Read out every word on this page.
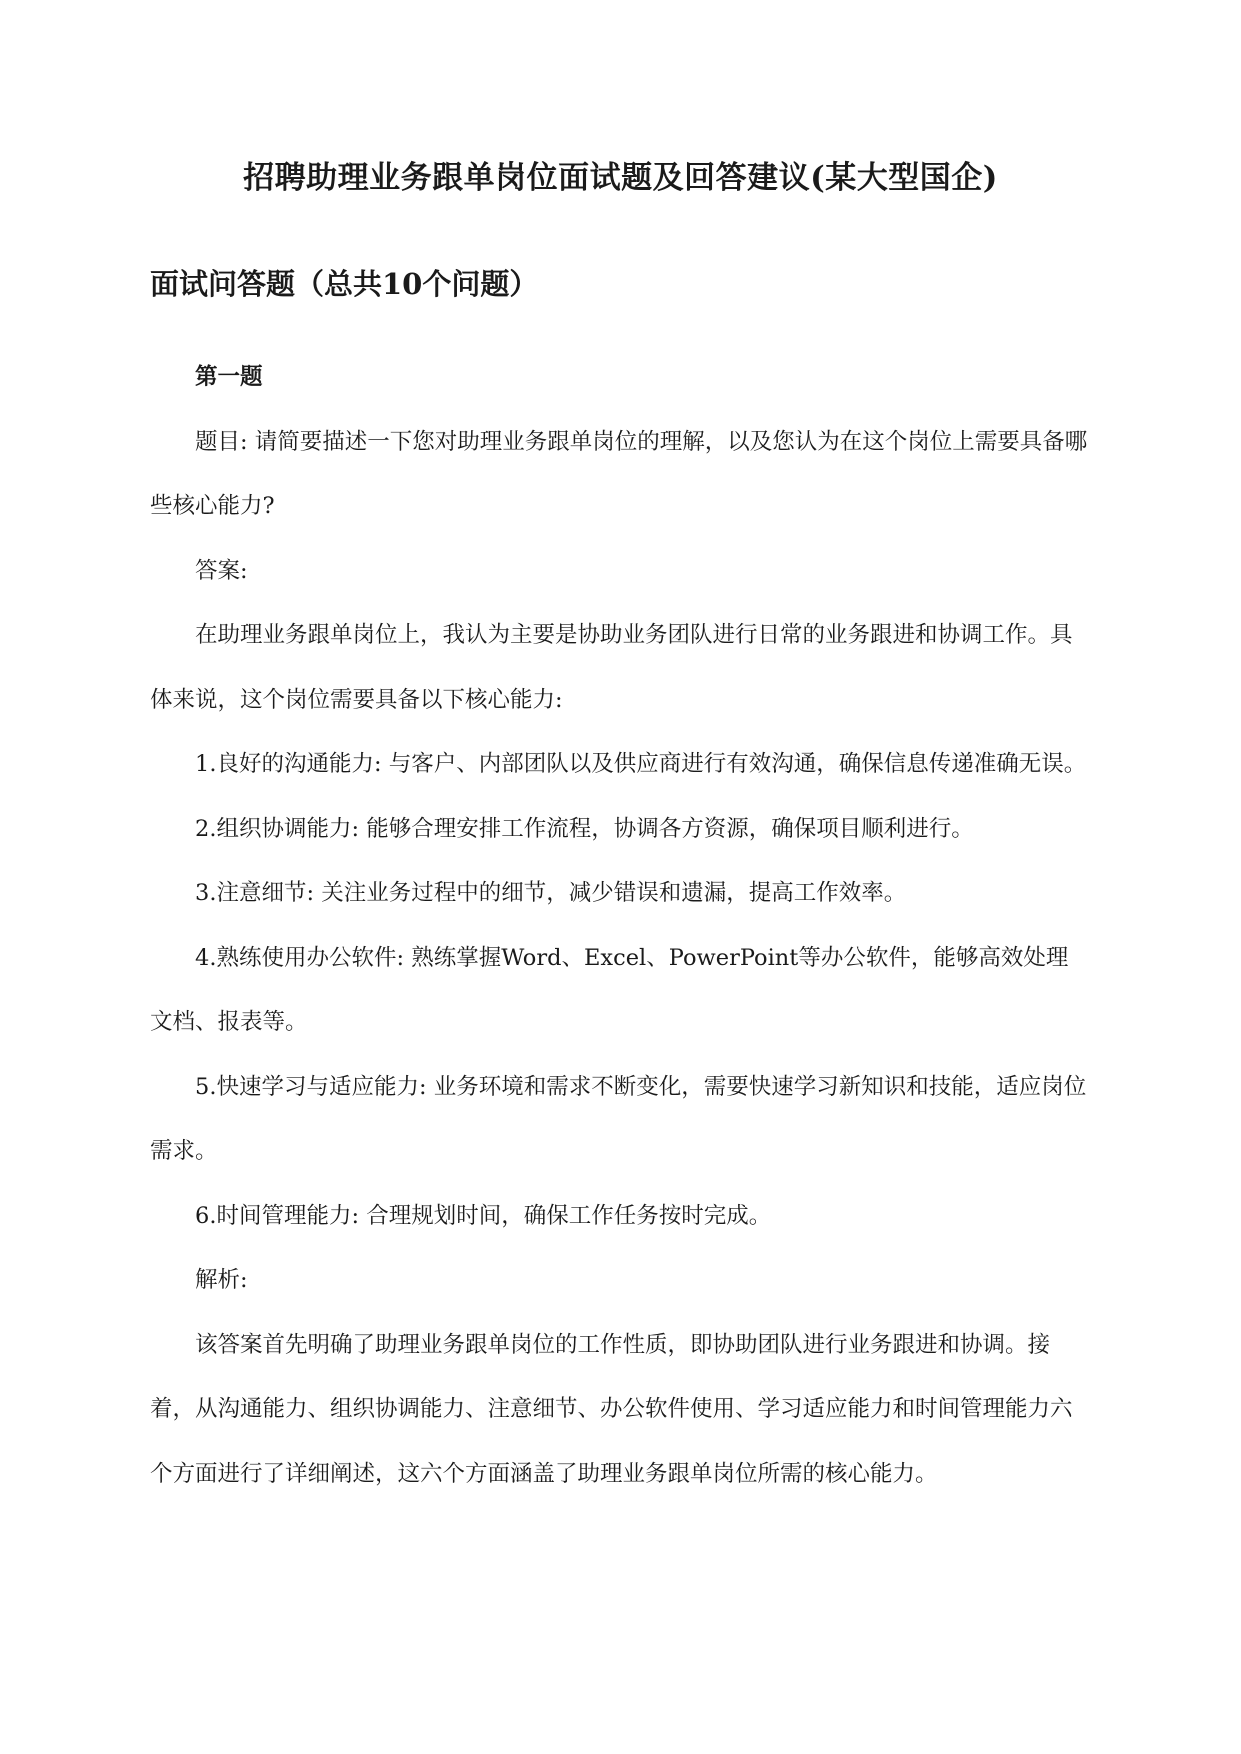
招聘助理业务跟单岗位面试题及回答建议(某大型国企)
面试问答题（总共10个问题）

第一题

题目: 请简要描述一下您对助理业务跟单岗位的理解，以及您认为在这个岗位上需要具备哪些核心能力?

答案:

在助理业务跟单岗位上，我认为主要是协助业务团队进行日常的业务跟进和协调工作。具体来说，这个岗位需要具备以下核心能力:

1.良好的沟通能力: 与客户、内部团队以及供应商进行有效沟通，确保信息传递准确无误。

2.组织协调能力: 能够合理安排工作流程，协调各方资源，确保项目顺利进行。

3.注意细节: 关注业务过程中的细节，减少错误和遗漏，提高工作效率。

4.熟练使用办公软件: 熟练掌握Word、Excel、PowerPoint等办公软件，能够高效处理文档、报表等。

5.快速学习与适应能力: 业务环境和需求不断变化，需要快速学习新知识和技能，适应岗位需求。

6.时间管理能力: 合理规划时间，确保工作任务按时完成。

解析:

该答案首先明确了助理业务跟单岗位的工作性质，即协助团队进行业务跟进和协调。接着，从沟通能力、组织协调能力、注意细节、办公软件使用、学习适应能力和时间管理能力六个方面进行了详细阐述，这六个方面涵盖了助理业务跟单岗位所需的核心能力。
